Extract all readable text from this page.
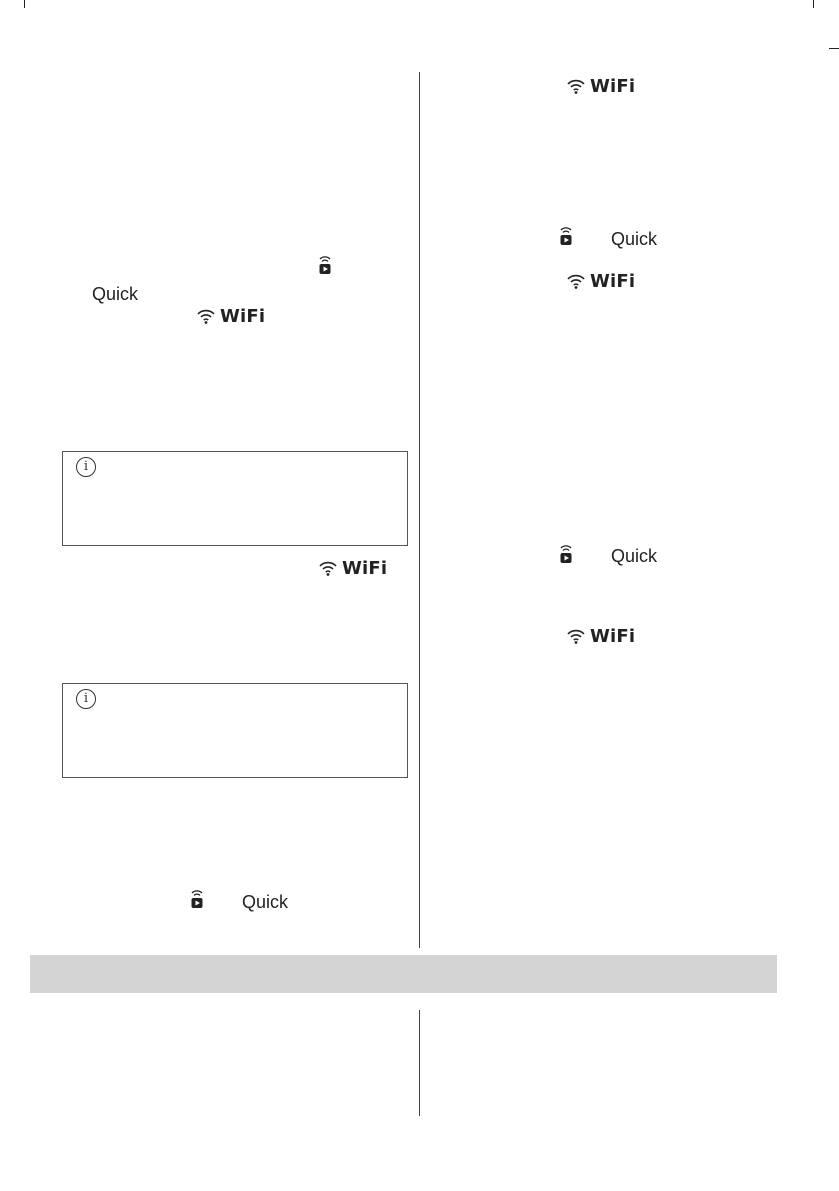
Quick
WiFi
i
WiFi
i
Quick
WiFi
Quick
WiFi
Quick
WiFi
